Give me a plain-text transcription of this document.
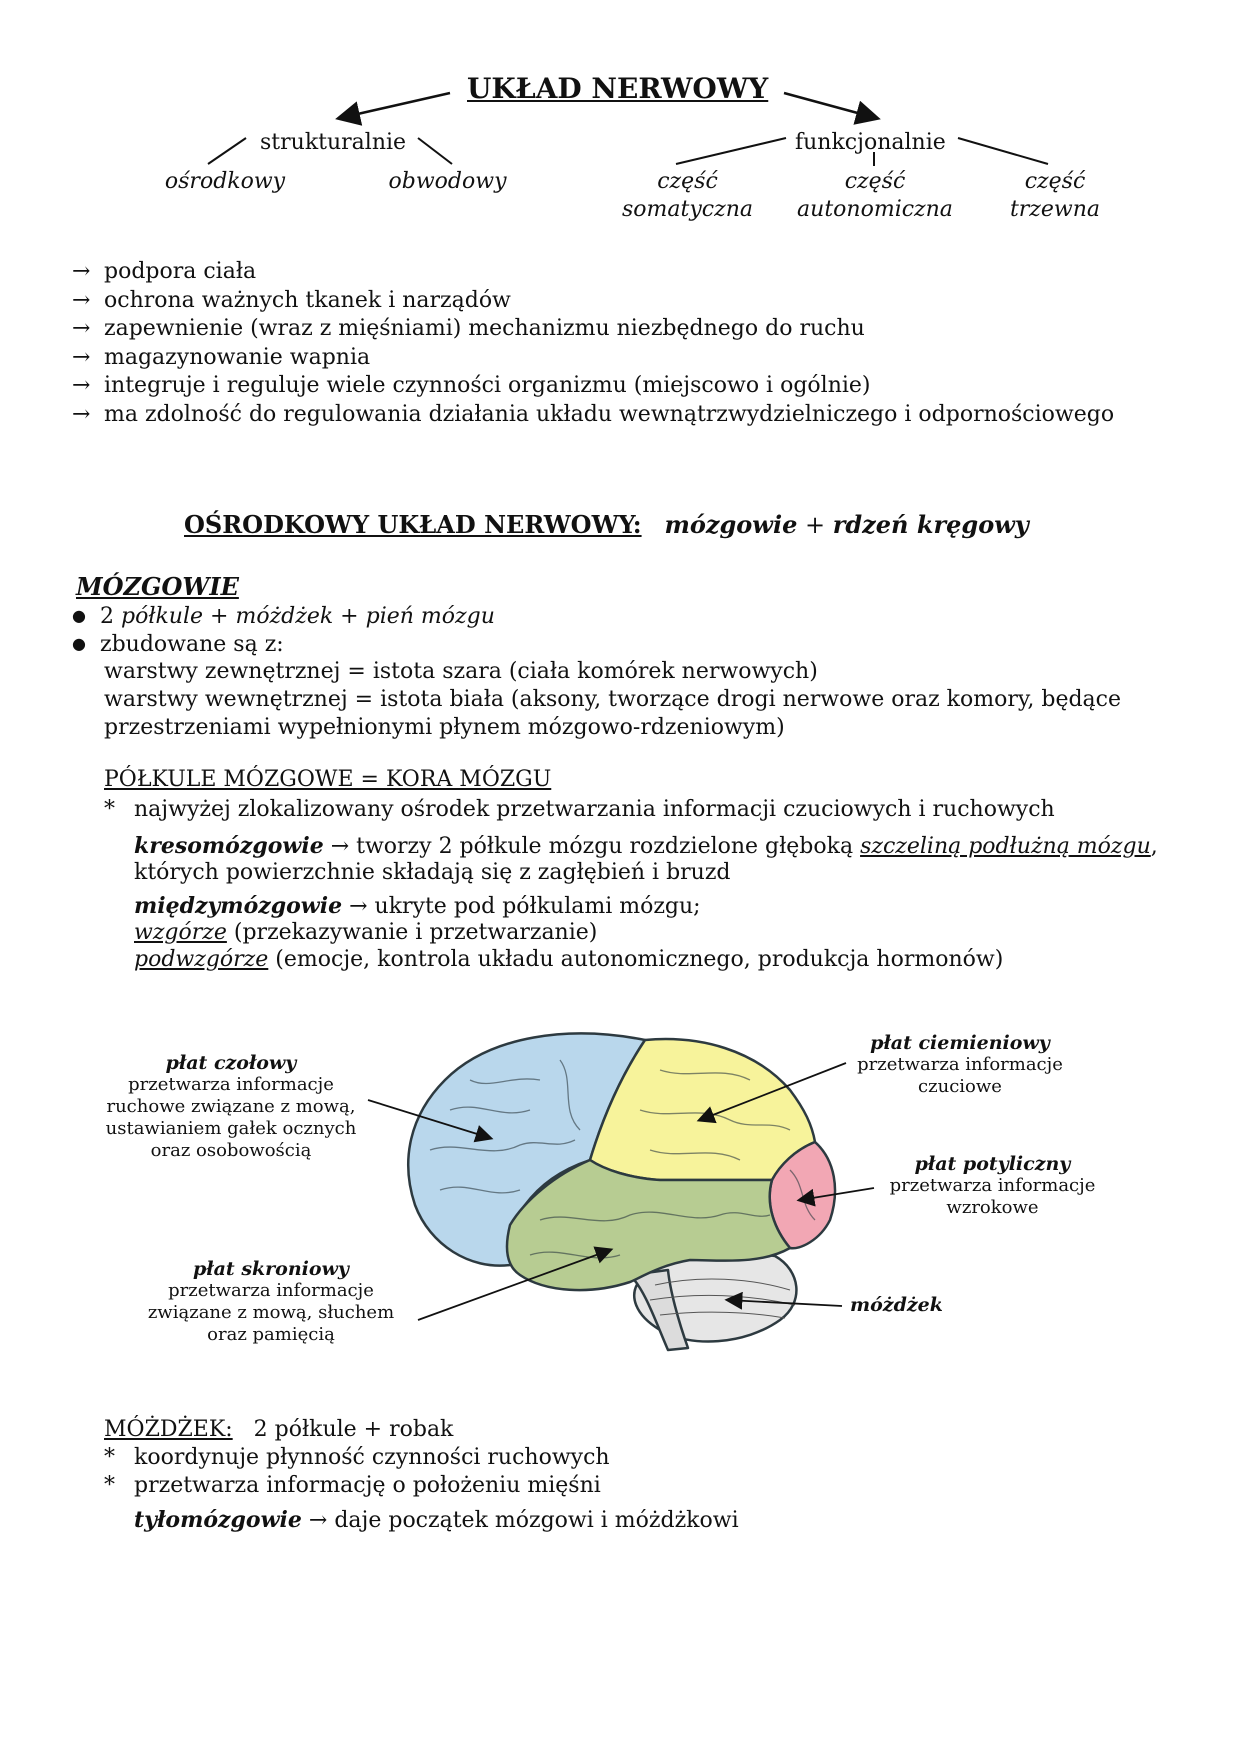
UKŁAD NERWOWY
strukturalnie	funkcjonalnie
ośrodkowy	obwodowy	część
somatyczna
część
autonomiczna
część
trzewna
→ podpora ciała
→ ochrona ważnych tkanek i narządów
→ zapewnienie (wraz z mięśniami) mechanizmu niezbędnego do ruchu
→ magazynowanie wapnia
→ integruje i reguluje wiele czynności organizmu (miejscowo i ogólnie)
→ ma zdolność do regulowania działania układu wewnątrzwydzielniczego i odpornościowego
OŚRODKOWY UKŁAD NERWOWY: mózgowie + rdzeń kręgowy
MÓZGOWIE
● 2 półkule + móżdżek + pień mózgu
● zbudowane są z:
warstwy zewnętrznej = istota szara (ciała komórek nerwowych)
warstwy wewnętrznej = istota biała (aksony, tworzące drogi nerwowe oraz komory, będące
przestrzeniami wypełnionymi płynem mózgowo-rdzeniowym)
PÓŁKULE MÓZGOWE = KORA MÓZGU
* najwyżej zlokalizowany ośrodek przetwarzania informacji czuciowych i ruchowych
kresomózgowie → tworzy 2 półkule mózgu rozdzielone głęboką szczeliną podłużną mózgu,
których powierzchnie składają się z zagłębień i bruzd
międzymózgowie → ukryte pod półkulami mózgu;
wzgórze (przekazywanie i przetwarzanie)
podwzgórze (emocje, kontrola układu autonomicznego, produkcja hormonów)
płat czołowy
przetwarza informacje
ruchowe związane z mową,
ustawianiem gałek ocznych
oraz osobowością
płat ciemieniowy
przetwarza informacje
czuciowe
płat potyliczny
przetwarza informacje
wzrokowe
płat skroniowy
przetwarza informacje
związane z mową, słuchem
oraz pamięcią
móżdżek
MÓŻDŻEK: 2 półkule + robak
* koordynuje płynność czynności ruchowych
* przetwarza informację o położeniu mięśni
tyłomózgowie → daje początek mózgowi i móżdżkowi
